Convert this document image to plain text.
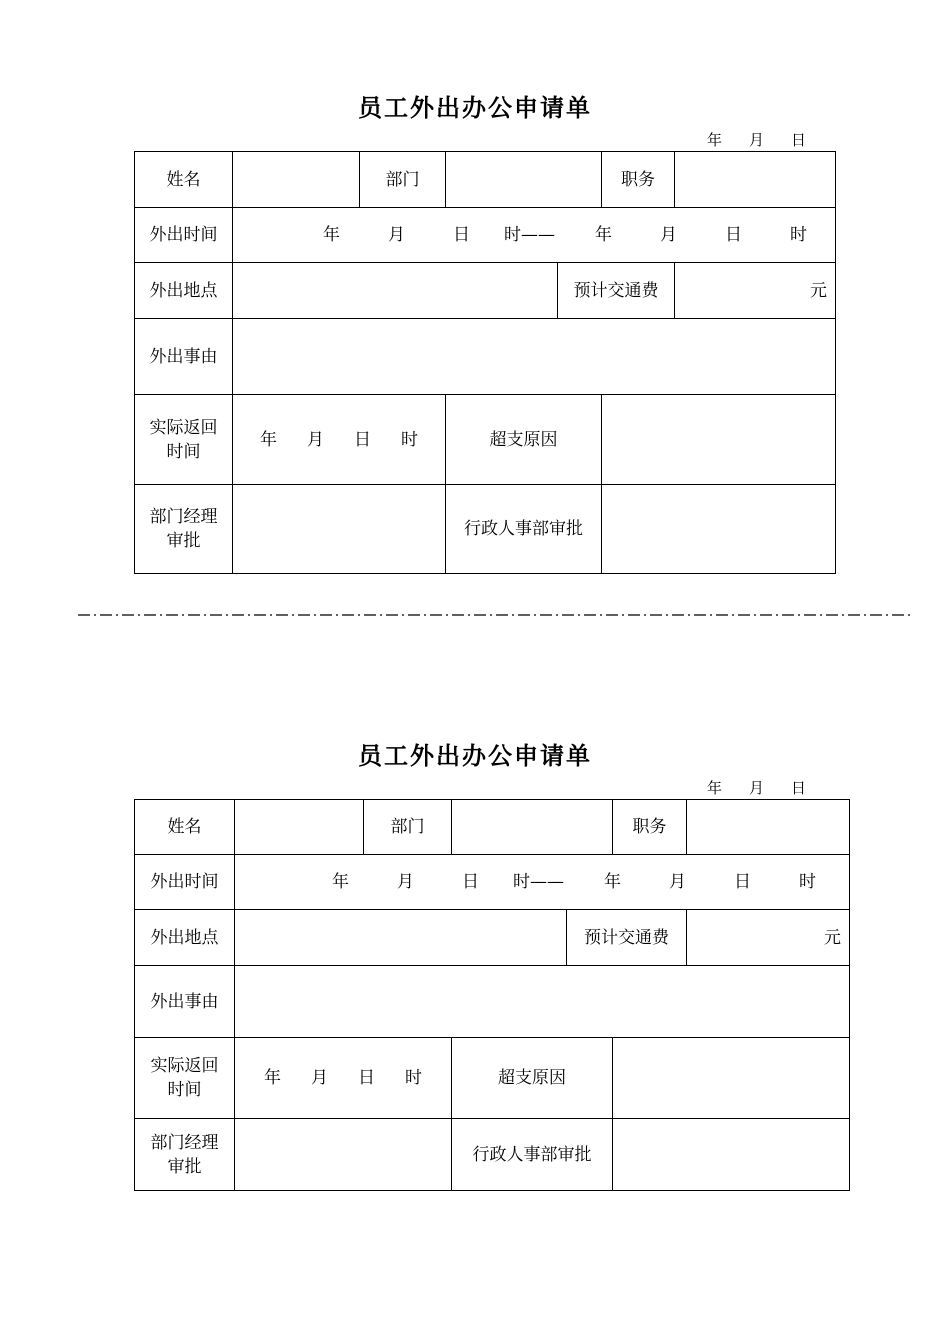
员工外出办公申请单
年 月 日
姓名		部门			职务	
外出时间	年 月 日 时—— 年 月 日 时					
外出地点				预计交通费		元
外出事由						
实际返回
时间	年 月 日 时		超支原因			
部门经理
审批			行政人事部审批			
员工外出办公申请单
年 月 日
姓名		部门			职务	
外出时间	年 月 日 时—— 年 月 日 时					
外出地点				预计交通费		元
外出事由						
实际返回
时间	年 月 日 时		超支原因			
部门经理
审批			行政人事部审批			
